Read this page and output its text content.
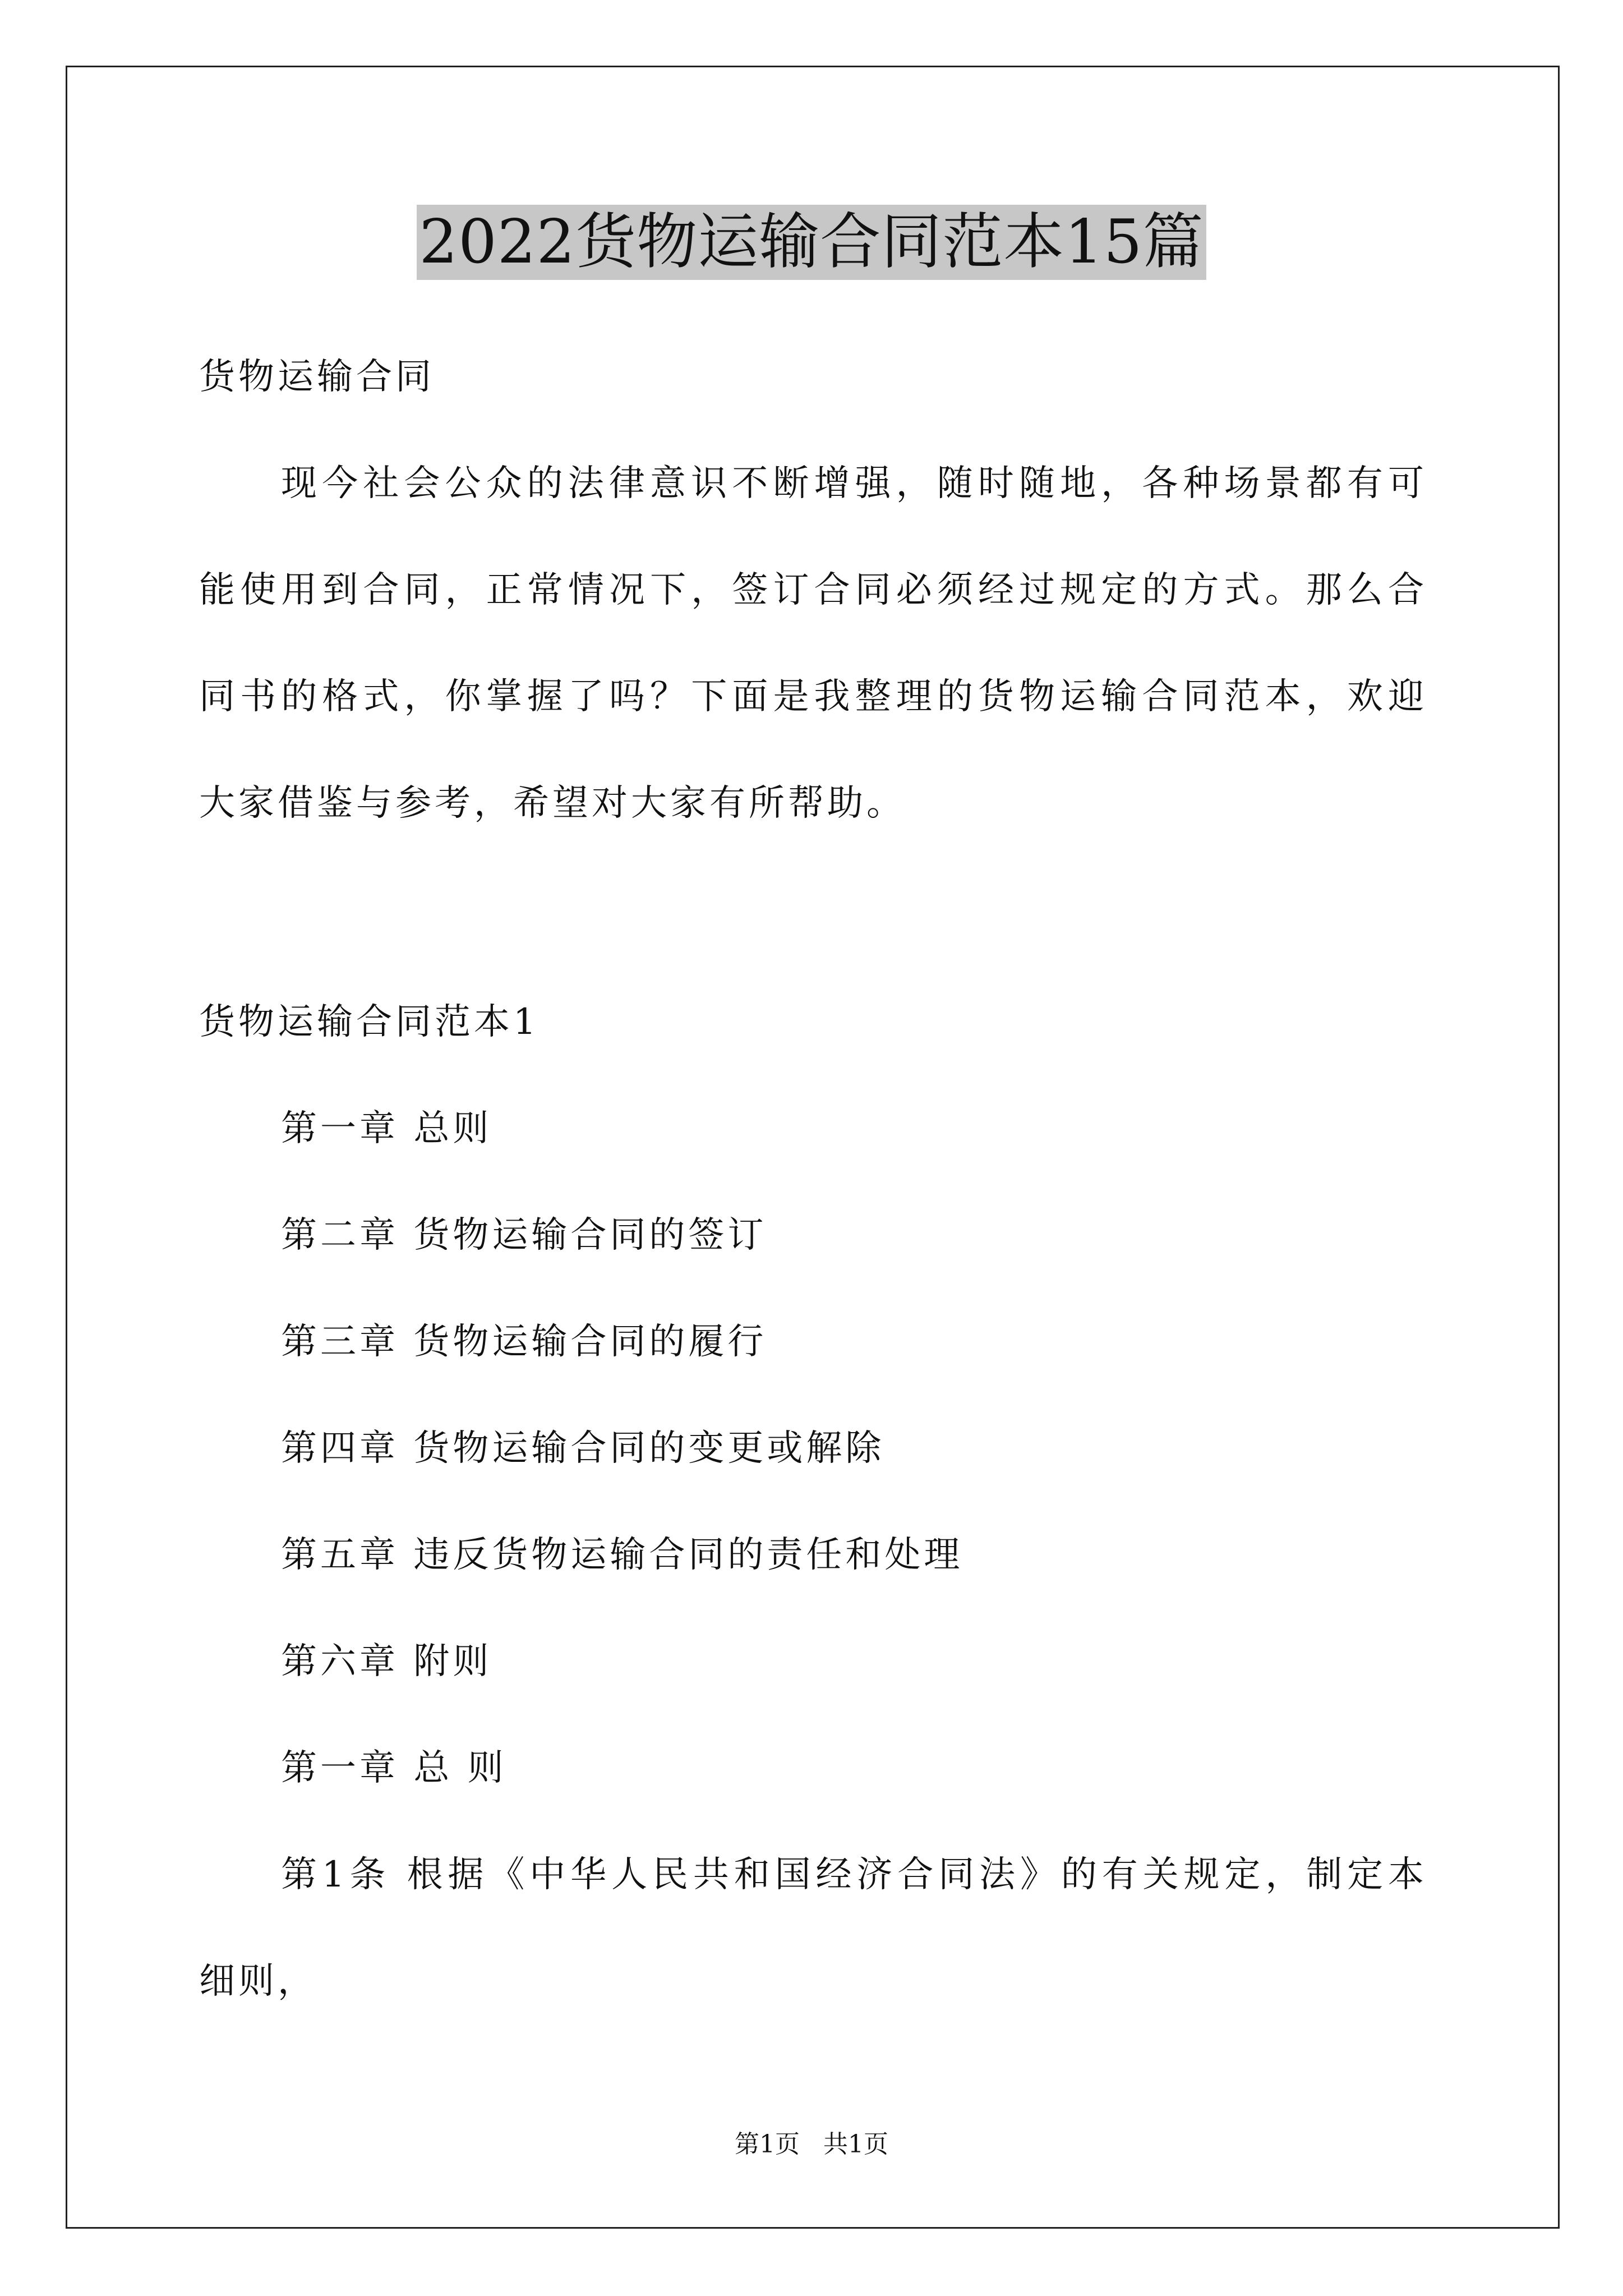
2022货物运输合同范本15篇
货物运输合同
现今社会公众的法律意识不断增强，随时随地，各种场景都有可
能使用到合同，正常情况下，签订合同必须经过规定的方式。那么合
同书的格式，你掌握了吗？下面是我整理的货物运输合同范本，欢迎
大家借鉴与参考，希望对大家有所帮助。
货物运输合同范本1
第一章 总则
第二章 货物运输合同的签订
第三章 货物运输合同的履行
第四章 货物运输合同的变更或解除
第五章 违反货物运输合同的责任和处理
第六章 附则
第一章 总 则
第1条 根据《中华人民共和国经济合同法》的有关规定，制定本
细则，
第1页 共1页
